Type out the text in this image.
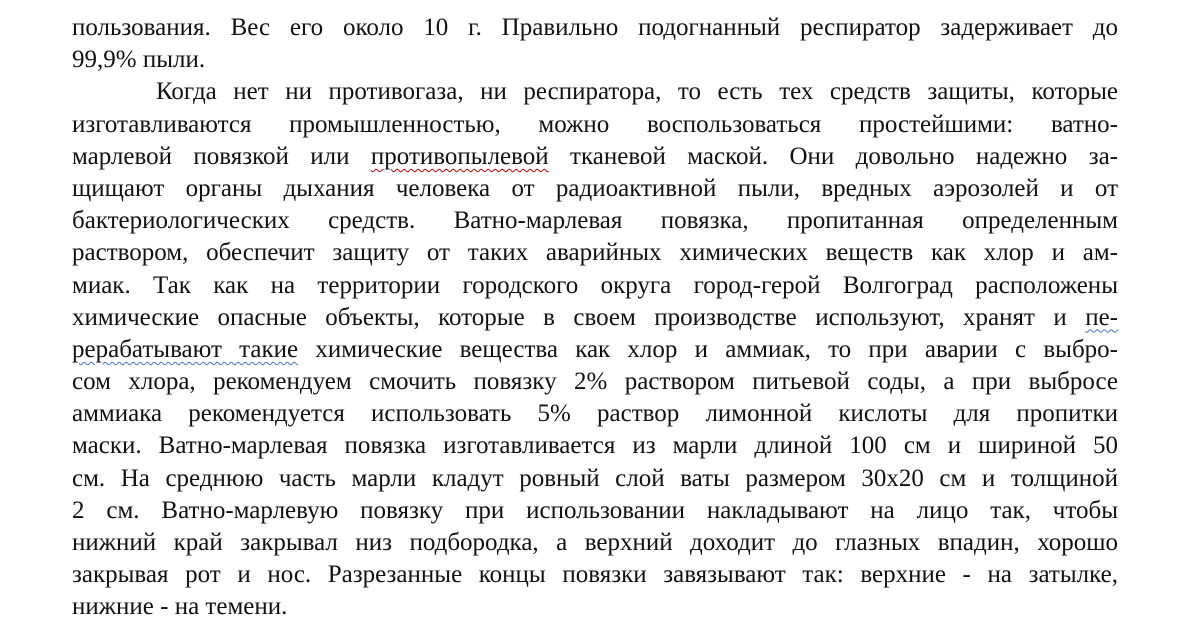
пользования. Вес его около 10 г. Правильно подогнанный респиратор задерживает до
99,9% пыли.
Когда нет ни противогаза, ни респиратора, то есть тех средств защиты, которые
изготавливаются промышленностью, можно воспользоваться простейшими: ватно-
марлевой повязкой или противопылевой тканевой маской. Они довольно надежно за-
щищают органы дыхания человека от радиоактивной пыли, вредных аэрозолей и от
бактериологических средств. Ватно-марлевая повязка, пропитанная определенным
раствором, обеспечит защиту от таких аварийных химических веществ как хлор и ам-
миак. Так как на территории городского округа город-герой Волгоград расположены
химические опасные объекты, которые в своем производстве используют, хранят и пе-
рерабатывают такие химические вещества как хлор и аммиак, то при аварии с выбро-
сом хлора, рекомендуем смочить повязку 2% раствором питьевой соды, а при выбросе
аммиака рекомендуется использовать 5% раствор лимонной кислоты для пропитки
маски. Ватно-марлевая повязка изготавливается из марли длиной 100 см и шириной 50
см. На среднюю часть марли кладут ровный слой ваты размером 30х20 см и толщиной
2 см. Ватно-марлевую повязку при использовании накладывают на лицо так, чтобы
нижний край закрывал низ подбородка, а верхний доходит до глазных впадин, хорошо
закрывая рот и нос. Разрезанные концы повязки завязывают так: верхние - на затылке,
нижние - на темени.
